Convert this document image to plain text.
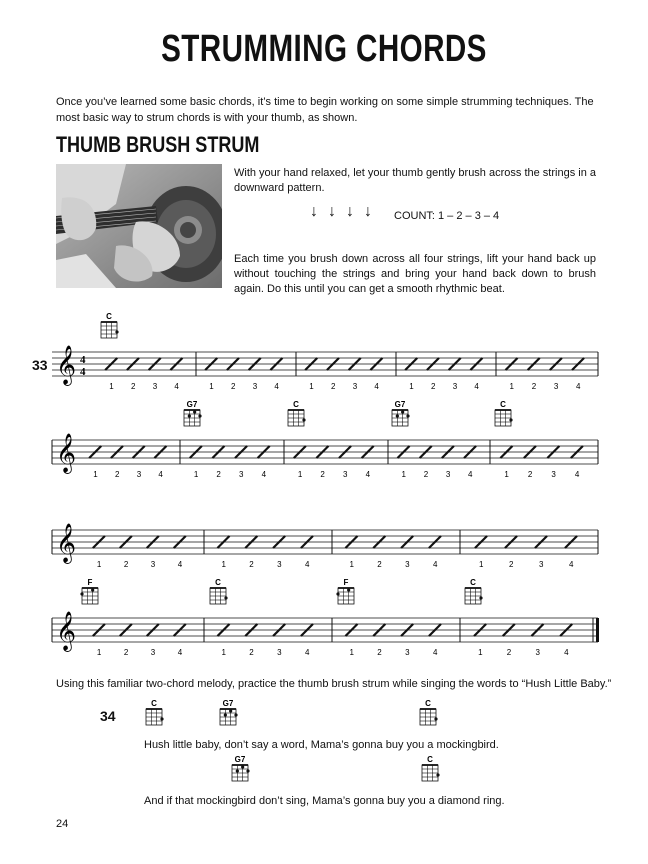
STRUMMING CHORDS
Once you’ve learned some basic chords, it’s time to begin working on some simple strumming techniques. The most basic way to strum chords is with your thumb, as shown.
THUMB BRUSH STRUM
With your hand relaxed, let your thumb gently brush across the strings in a downward pattern.
↓ ↓ ↓ ↓ COUNT: 1 – 2 – 3 – 4
Each time you brush down across all four strings, lift your hand back up without touching the strings and bring your hand back down to brush again. Do this until you can get a smooth rhythmic beat.
33 𝄞 4
4
1 2 3 4	1 2 3 4	1 2 3 4	1 2 3 4	1 2 3 4
𝄞
1 2 3 4	1 2 3 4	1 2 3 4	1 2 3 4	1 2 3 4
𝄞
1	2	3	4	1	2	3	4	1	2	3	4	1	2	3	4
𝄞
1	2	3	4	1	2	3	4	1	2	3	4	1	2	3	4
C
G7	C	G7	C
F	C	F	C
C	G7	C
G7	C
Using this familiar two-chord melody, practice the thumb brush strum while singing the words to “Hush Little Baby.”
34
Hush little baby, don’t say a word, Mama’s gonna buy you a mockingbird.
And if that mockingbird don’t sing, Mama’s gonna buy you a diamond ring.
24
